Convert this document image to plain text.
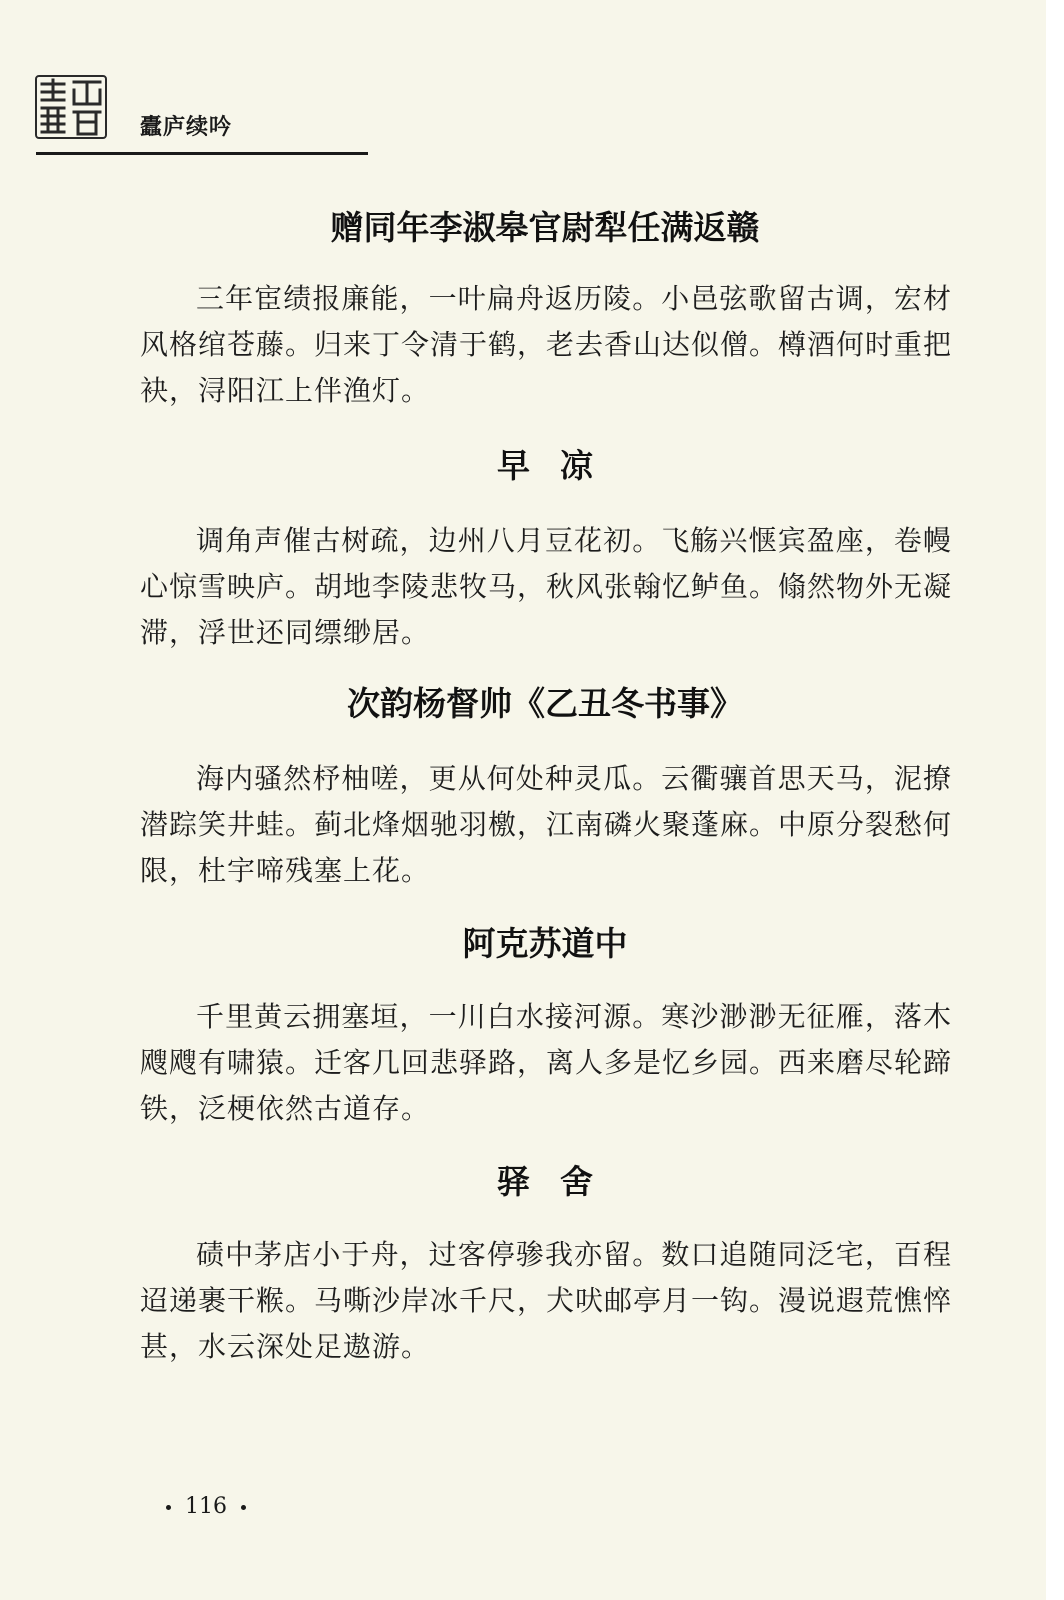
蠹庐续吟
赠同年李淑皋官尉犁任满返赣
三年宦绩报廉能，一叶扁舟返历陵。小邑弦歌留古调，宏材风格绾苍藤。归来丁令清于鹤，老去香山达似僧。樽酒何时重把袂，浔阳江上伴渔灯。
早凉
调角声催古树疏，边州八月豆花初。飞觞兴惬宾盈座，卷幔心惊雪映庐。胡地李陵悲牧马，秋风张翰忆鲈鱼。翛然物外无凝滞，浮世还同缥缈居。
次韵杨督帅《乙丑冬书事》
海内骚然杼柚嗟，更从何处种灵瓜。云衢骧首思天马，泥撩潜踪笑井蛙。蓟北烽烟驰羽檄，江南磷火聚蓬麻。中原分裂愁何限，杜宇啼残塞上花。
阿克苏道中
千里黄云拥塞垣，一川白水接河源。寒沙渺渺无征雁，落木飕飕有啸猿。迁客几回悲驿路，离人多是忆乡园。西来磨尽轮蹄铁，泛梗依然古道存。
驿舍
碛中茅店小于舟，过客停骖我亦留。数口追随同泛宅，百程迢递裹干糇。马嘶沙岸冰千尺，犬吠邮亭月一钩。漫说遐荒憔悴甚，水云深处足遨游。
116
